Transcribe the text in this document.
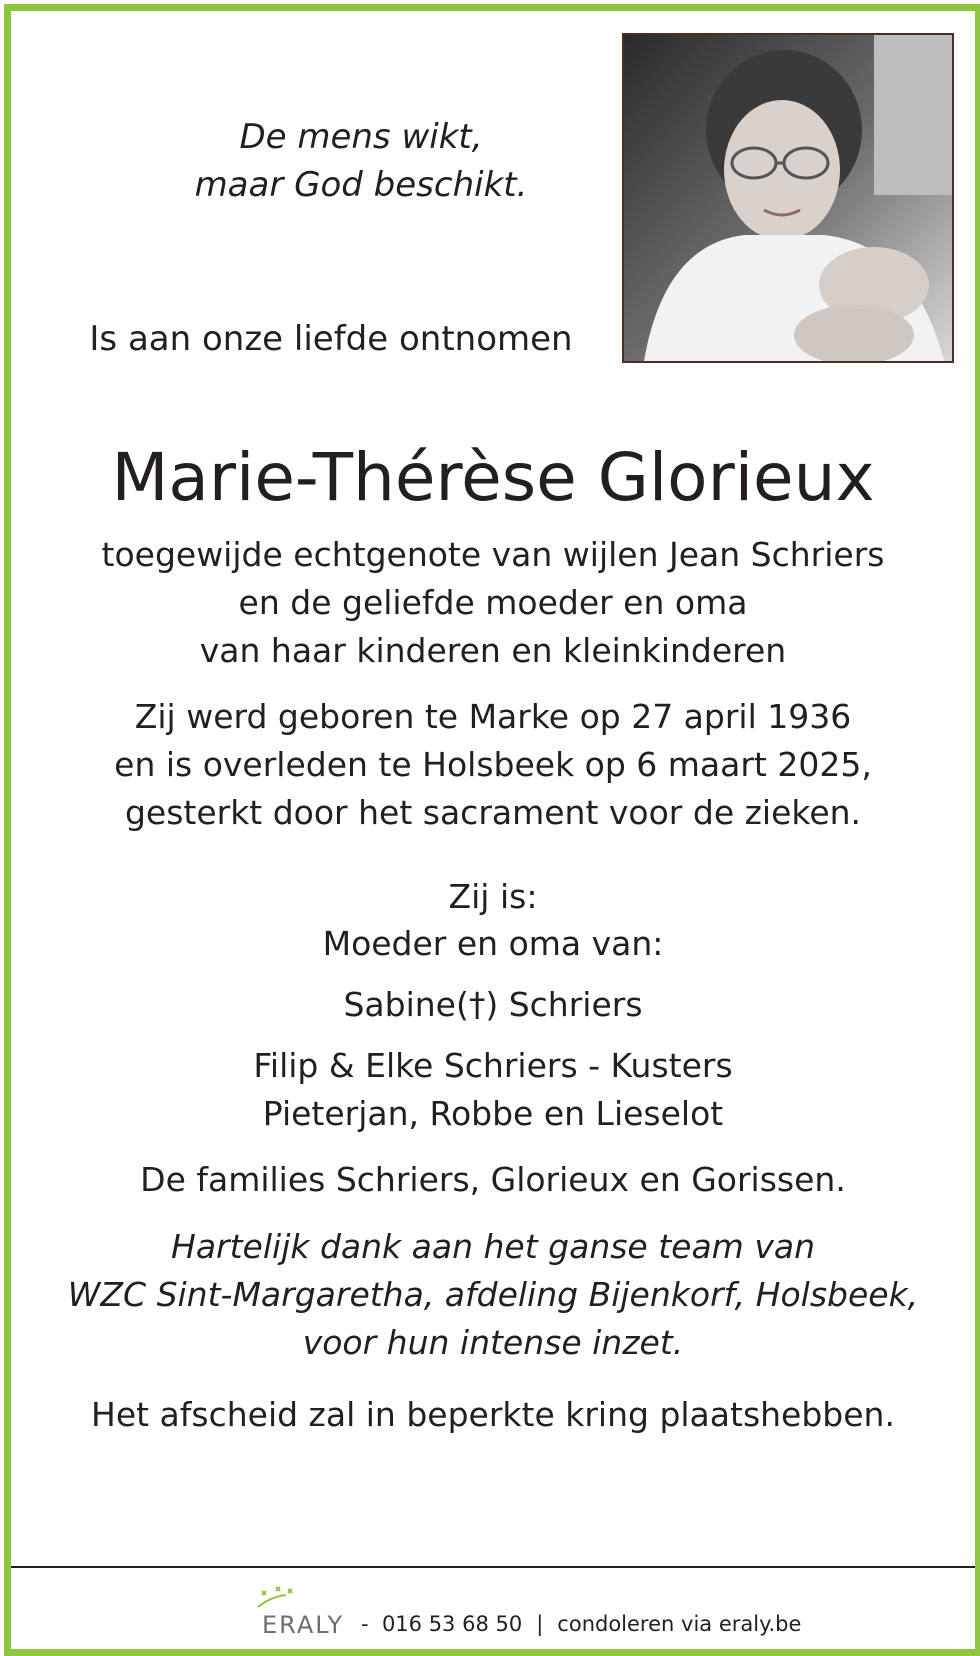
De mens wikt,
maar God beschikt.
Is aan onze liefde ontnomen
Marie-Thérèse Glorieux
toegewijde echtgenote van wijlen Jean Schriers
en de geliefde moeder en oma
van haar kinderen en kleinkinderen
Zij werd geboren te Marke op 27 april 1936
en is overleden te Holsbeek op 6 maart 2025,
gesterkt door het sacrament voor de zieken.
Zij is:
Moeder en oma van:
Sabine(†) Schriers
Filip & Elke Schriers - Kusters
Pieterjan, Robbe en Lieselot
De families Schriers, Glorieux en Gorissen.
Hartelijk dank aan het ganse team van
WZC Sint-Margaretha, afdeling Bijenkorf, Holsbeek,
voor hun intense inzet.
Het afscheid zal in beperkte kring plaatshebben.
ERALY - 016 53 68 50 | condoleren via eraly.be
